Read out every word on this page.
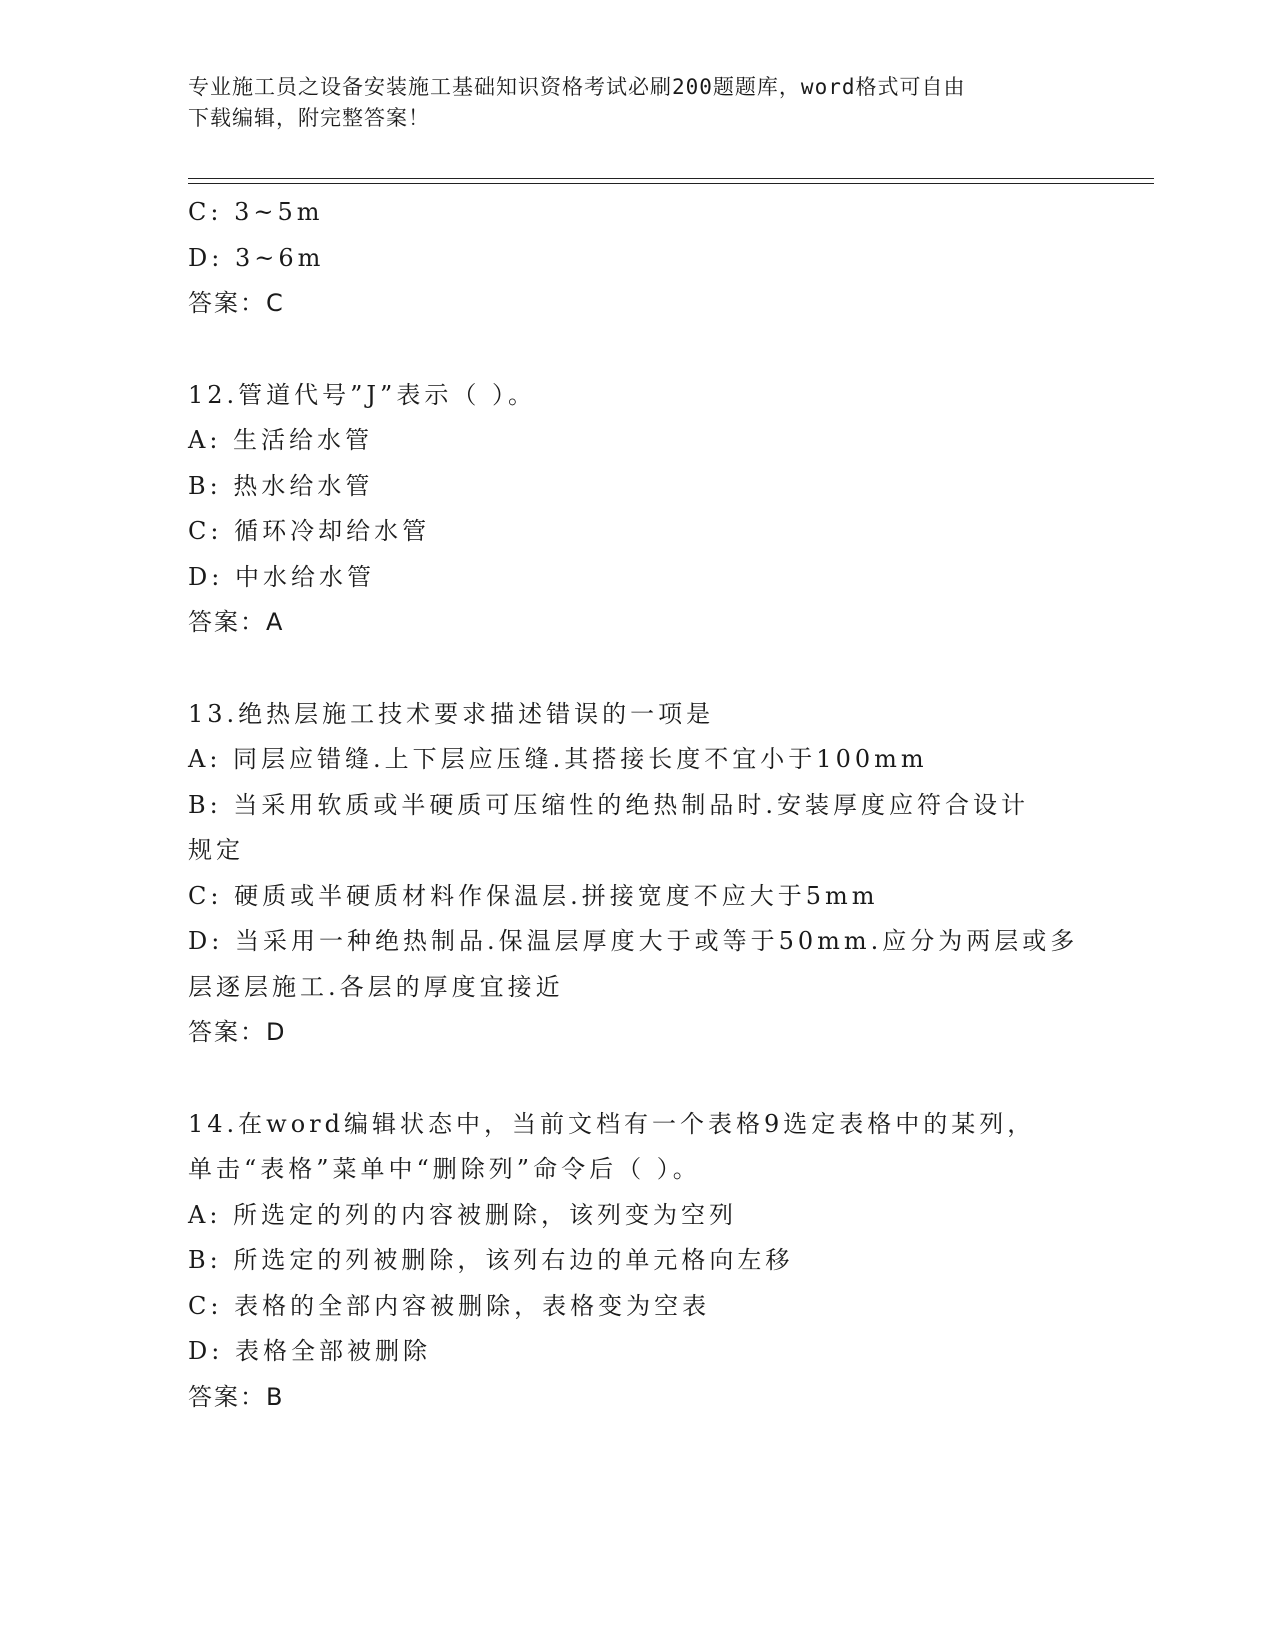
专业施工员之设备安装施工基础知识资格考试必刷200题题库，word格式可自由
下载编辑，附完整答案！
C: 3~5m
D: 3~6m
答案：C
12.管道代号”J”表示（ ）。
A: 生活给水管
B: 热水给水管
C: 循环冷却给水管
D: 中水给水管
答案：A
13.绝热层施工技术要求描述错误的一项是
A: 同层应错缝.上下层应压缝.其搭接长度不宜小于100mm
B: 当采用软质或半硬质可压缩性的绝热制品时.安装厚度应符合设计
规定
C: 硬质或半硬质材料作保温层.拼接宽度不应大于5mm
D: 当采用一种绝热制品.保温层厚度大于或等于50mm.应分为两层或多
层逐层施工.各层的厚度宜接近
答案：D
14.在word编辑状态中，当前文档有一个表格9选定表格中的某列，
单击“表格”菜单中“删除列”命令后（ ）。
A: 所选定的列的内容被删除，该列变为空列
B: 所选定的列被删除，该列右边的单元格向左移
C: 表格的全部内容被删除，表格变为空表
D: 表格全部被删除
答案：B
